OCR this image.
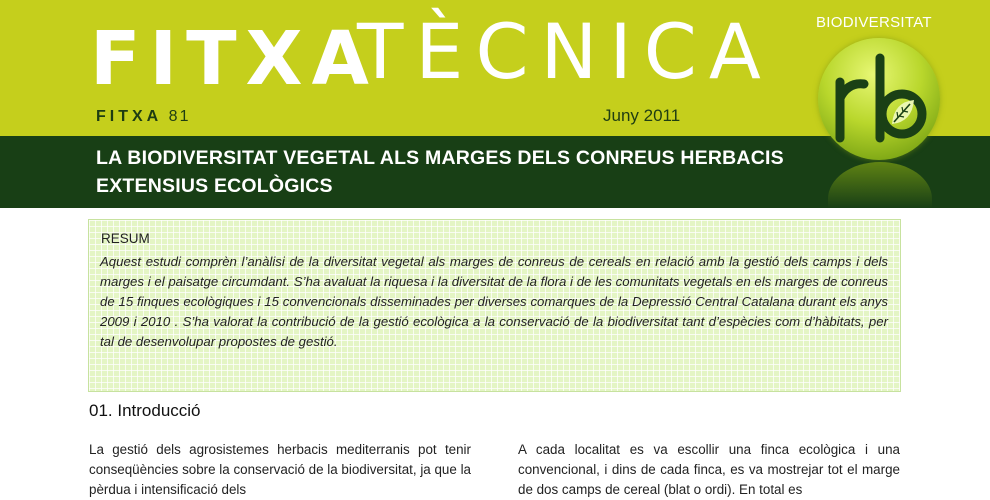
FITXA
TÈCNICA
FITXA 81	Juny 2011
BIODIVERSITAT
LA BIODIVERSITAT VEGETAL ALS MARGES DELS CONREUS HERBACIS
EXTENSIUS ECOLÒGICS
RESUM
Aquest estudi comprèn l’anàlisi de la diversitat vegetal als marges de conreus de cereals en relació amb la gestió dels camps i dels marges i el paisatge circumdant. S’ha avaluat la riquesa i la diversitat de la flora i de les comunitats vegetals en els marges de conreus de 15 finques ecològiques i 15 convencionals disseminades per diverses comarques de la Depressió Central Catalana durant els anys 2009 i 2010 . S’ha valorat la contribució de la gestió ecològica a la conservació de la biodiversitat tant d’espècies com d’hàbitats, per tal de desenvolupar propostes de gestió.
01. Introducció
La gestió dels agrosistemes herbacis mediterranis pot tenir conseqüències sobre la conservació de la biodiversitat, ja que la pèrdua i intensificació dels
A cada localitat es va escollir una finca ecològica i una convencional, i dins de cada finca, es va mostrejar tot el marge de dos camps de cereal (blat o ordi). En total es
